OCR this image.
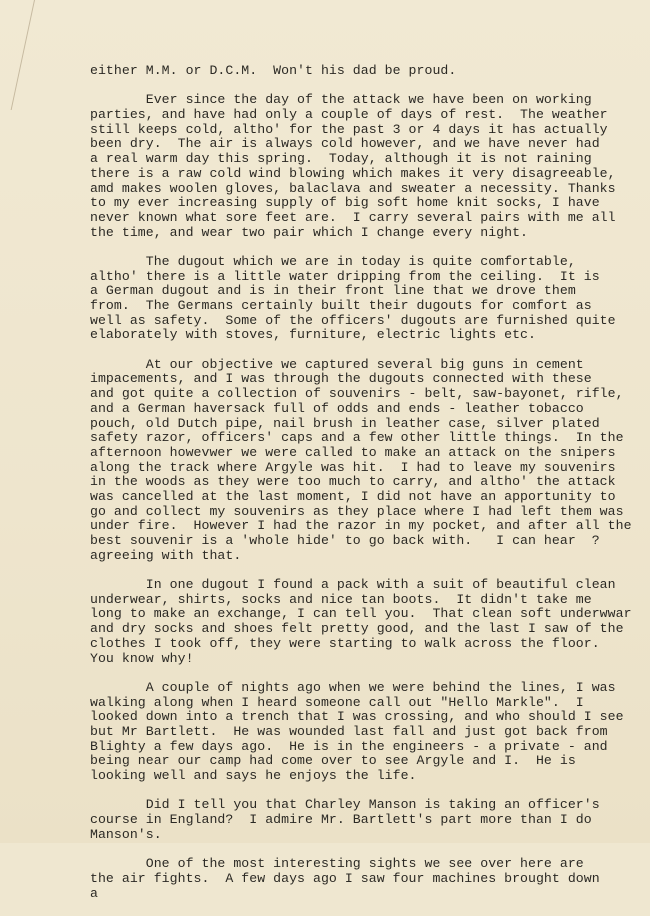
either M.M. or D.C.M.  Won't his dad be proud.
Ever since the day of the attack we have been on working
parties, and have had only a couple of days of rest.  The weather
still keeps cold, altho' for the past 3 or 4 days it has actually
been dry.  The air is always cold however, and we have never had
a real warm day this spring.  Today, although it is not raining
there is a raw cold wind blowing which makes it very disagreeable,
amd makes woolen gloves, balaclava and sweater a necessity. Thanks
to my ever increasing supply of big soft home knit socks, I have
never known what sore feet are.  I carry several pairs with me all
the time, and wear two pair which I change every night.
The dugout which we are in today is quite comfortable,
altho' there is a little water dripping from the ceiling.  It is
a German dugout and is in their front line that we drove them
from.  The Germans certainly built their dugouts for comfort as
well as safety.  Some of the officers' dugouts are furnished quite
elaborately with stoves, furniture, electric lights etc.
At our objective we captured several big guns in cement
impacements, and I was through the dugouts connected with these
and got quite a collection of souvenirs - belt, saw-bayonet, rifle,
and a German haversack full of odds and ends - leather tobacco
pouch, old Dutch pipe, nail brush in leather case, silver plated
safety razor, officers' caps and a few other little things.  In the
afternoon howevwer we were called to make an attack on the snipers
along the track where Argyle was hit.  I had to leave my souvenirs
in the woods as they were too much to carry, and altho' the attack
was cancelled at the last moment, I did not have an apportunity to
go and collect my souvenirs as they place where I had left them was
under fire.  However I had the razor in my pocket, and after all the
best souvenir is a 'whole hide' to go back with.   I can hear  ?
agreeing with that.
In one dugout I found a pack with a suit of beautiful clean
underwear, shirts, socks and nice tan boots.  It didn't take me
long to make an exchange, I can tell you.  That clean soft underwwar
and dry socks and shoes felt pretty good, and the last I saw of the
clothes I took off, they were starting to walk across the floor.
You know why!
A couple of nights ago when we were behind the lines, I was
walking along when I heard someone call out "Hello Markle".  I
looked down into a trench that I was crossing, and who should I see
but Mr Bartlett.  He was wounded last fall and just got back from
Blighty a few days ago.  He is in the engineers - a private - and
being near our camp had come over to see Argyle and I.  He is
looking well and says he enjoys the life.
Did I tell you that Charley Manson is taking an officer's
course in England?  I admire Mr. Bartlett's part more than I do
Manson's.
One of the most interesting sights we see over here are
the air fights.  A few days ago I saw four machines brought down
a
